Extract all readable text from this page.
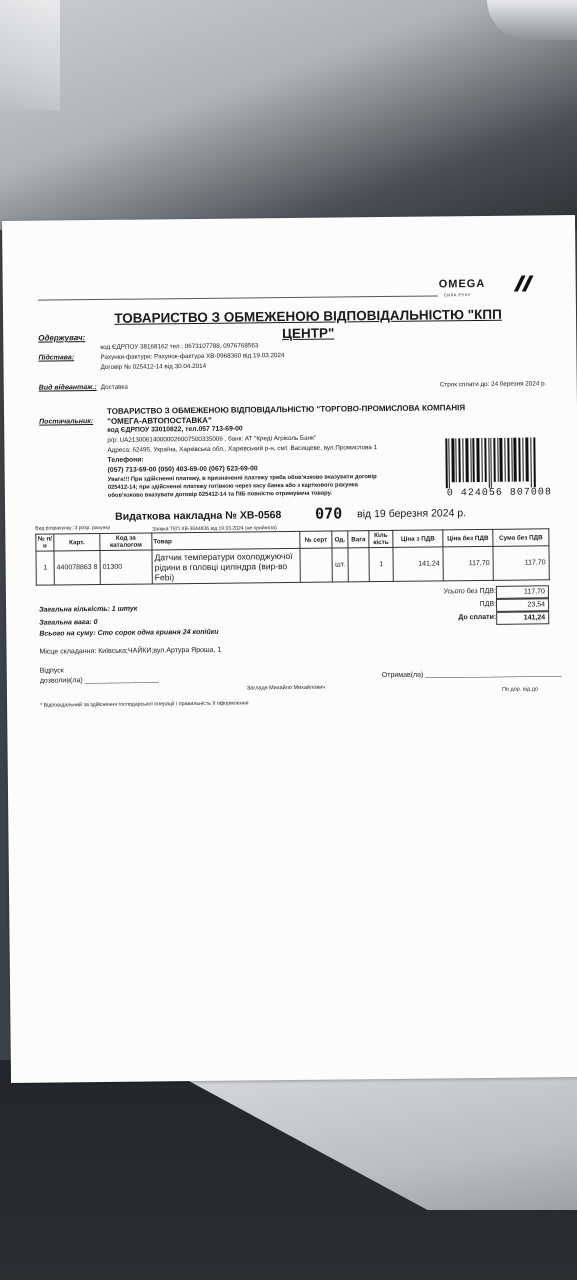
OMEGA
СИЛА РУХУ
ТОВАРИСТВО З ОБМЕЖЕНОЮ ВІДПОВІДАЛЬНІСТЮ "КПП ЦЕНТР"
Одержувач:
код ЄДРПОУ 38168162 тел.: 0673107788, 0976768563
Підстава:	Рахунки-фактури: Рахунок-фактура ХВ-0968360 від 19.03.2024
Договір № 025412-14 від 30.04.2014
Вид відвантаж.: Доставка	Строк сплати до: 24 березня 2024 р.
Постачальник:
ТОВАРИСТВО З ОБМЕЖЕНОЮ ВІДПОВІДАЛЬНІСТЮ "ТОРГОВО-ПРОМИСЛОВА КОМПАНІЯ
"ОМЕГА-АВТОПОСТАВКА"
код ЄДРПОУ 33010822, тел.057 713-69-00
р/р: UA213006140000026007500335006 , банк: АТ "Креді Агріколь Банк"
Адреса: 62495, Україна, Харківська обл., Харківський р-н, смт. Васищеве, вул.Промислова 1
Телефони:
(057) 713-69-00 (050) 403-69-00 (067) 623-69-00
Увага!!! При здійсненні платежу, в призначенні платежу треба обов'язково вказувати договір
025412-14; при здійсненні платежу готівкою через касу банка або з карткового рахунка
обов'язково вказувати договір 025412-14 та ПІБ повністю отримувача товару.	0 424056 807008
Видаткова накладна № ХВ-0568 070 від 19 березня 2024 р.
Вид розрахунку: З розр. рахунку	Заявка ТЕП ХВ-3044836 від 19.03.2024 (не прийнята)
№ п/н	Карт.	Код за каталогом	Товар	№ серт	Од.	Вага	Кіль кість	Ціна з ПДВ	Ціна без ПДВ	Сума без ПДВ
1	440078863 8	01300	Датчик температури охолоджуючої рідини в головці циліндра (вир-во Febi)		шт.		1	141,24	117,70	117,70
Усього без ПДВ:	117,70
ПДВ:	23,54
До сплати:	141,24
Загальна кількість: 1 штук
Загальна вага: 0
Всього на суму: Сто сорок одна гривня 24 копійки
Місце складання: Київська;ЧАЙКИ;вул.Артура Ярошa, 1
Відпуск
дозволив(ла) ___________________
Загладя Михайло Михайлович
Отримав(ла) ___________________________________
По дор. від до
* Відповідальний за здійснення господарської операції і правильність її оформлення
